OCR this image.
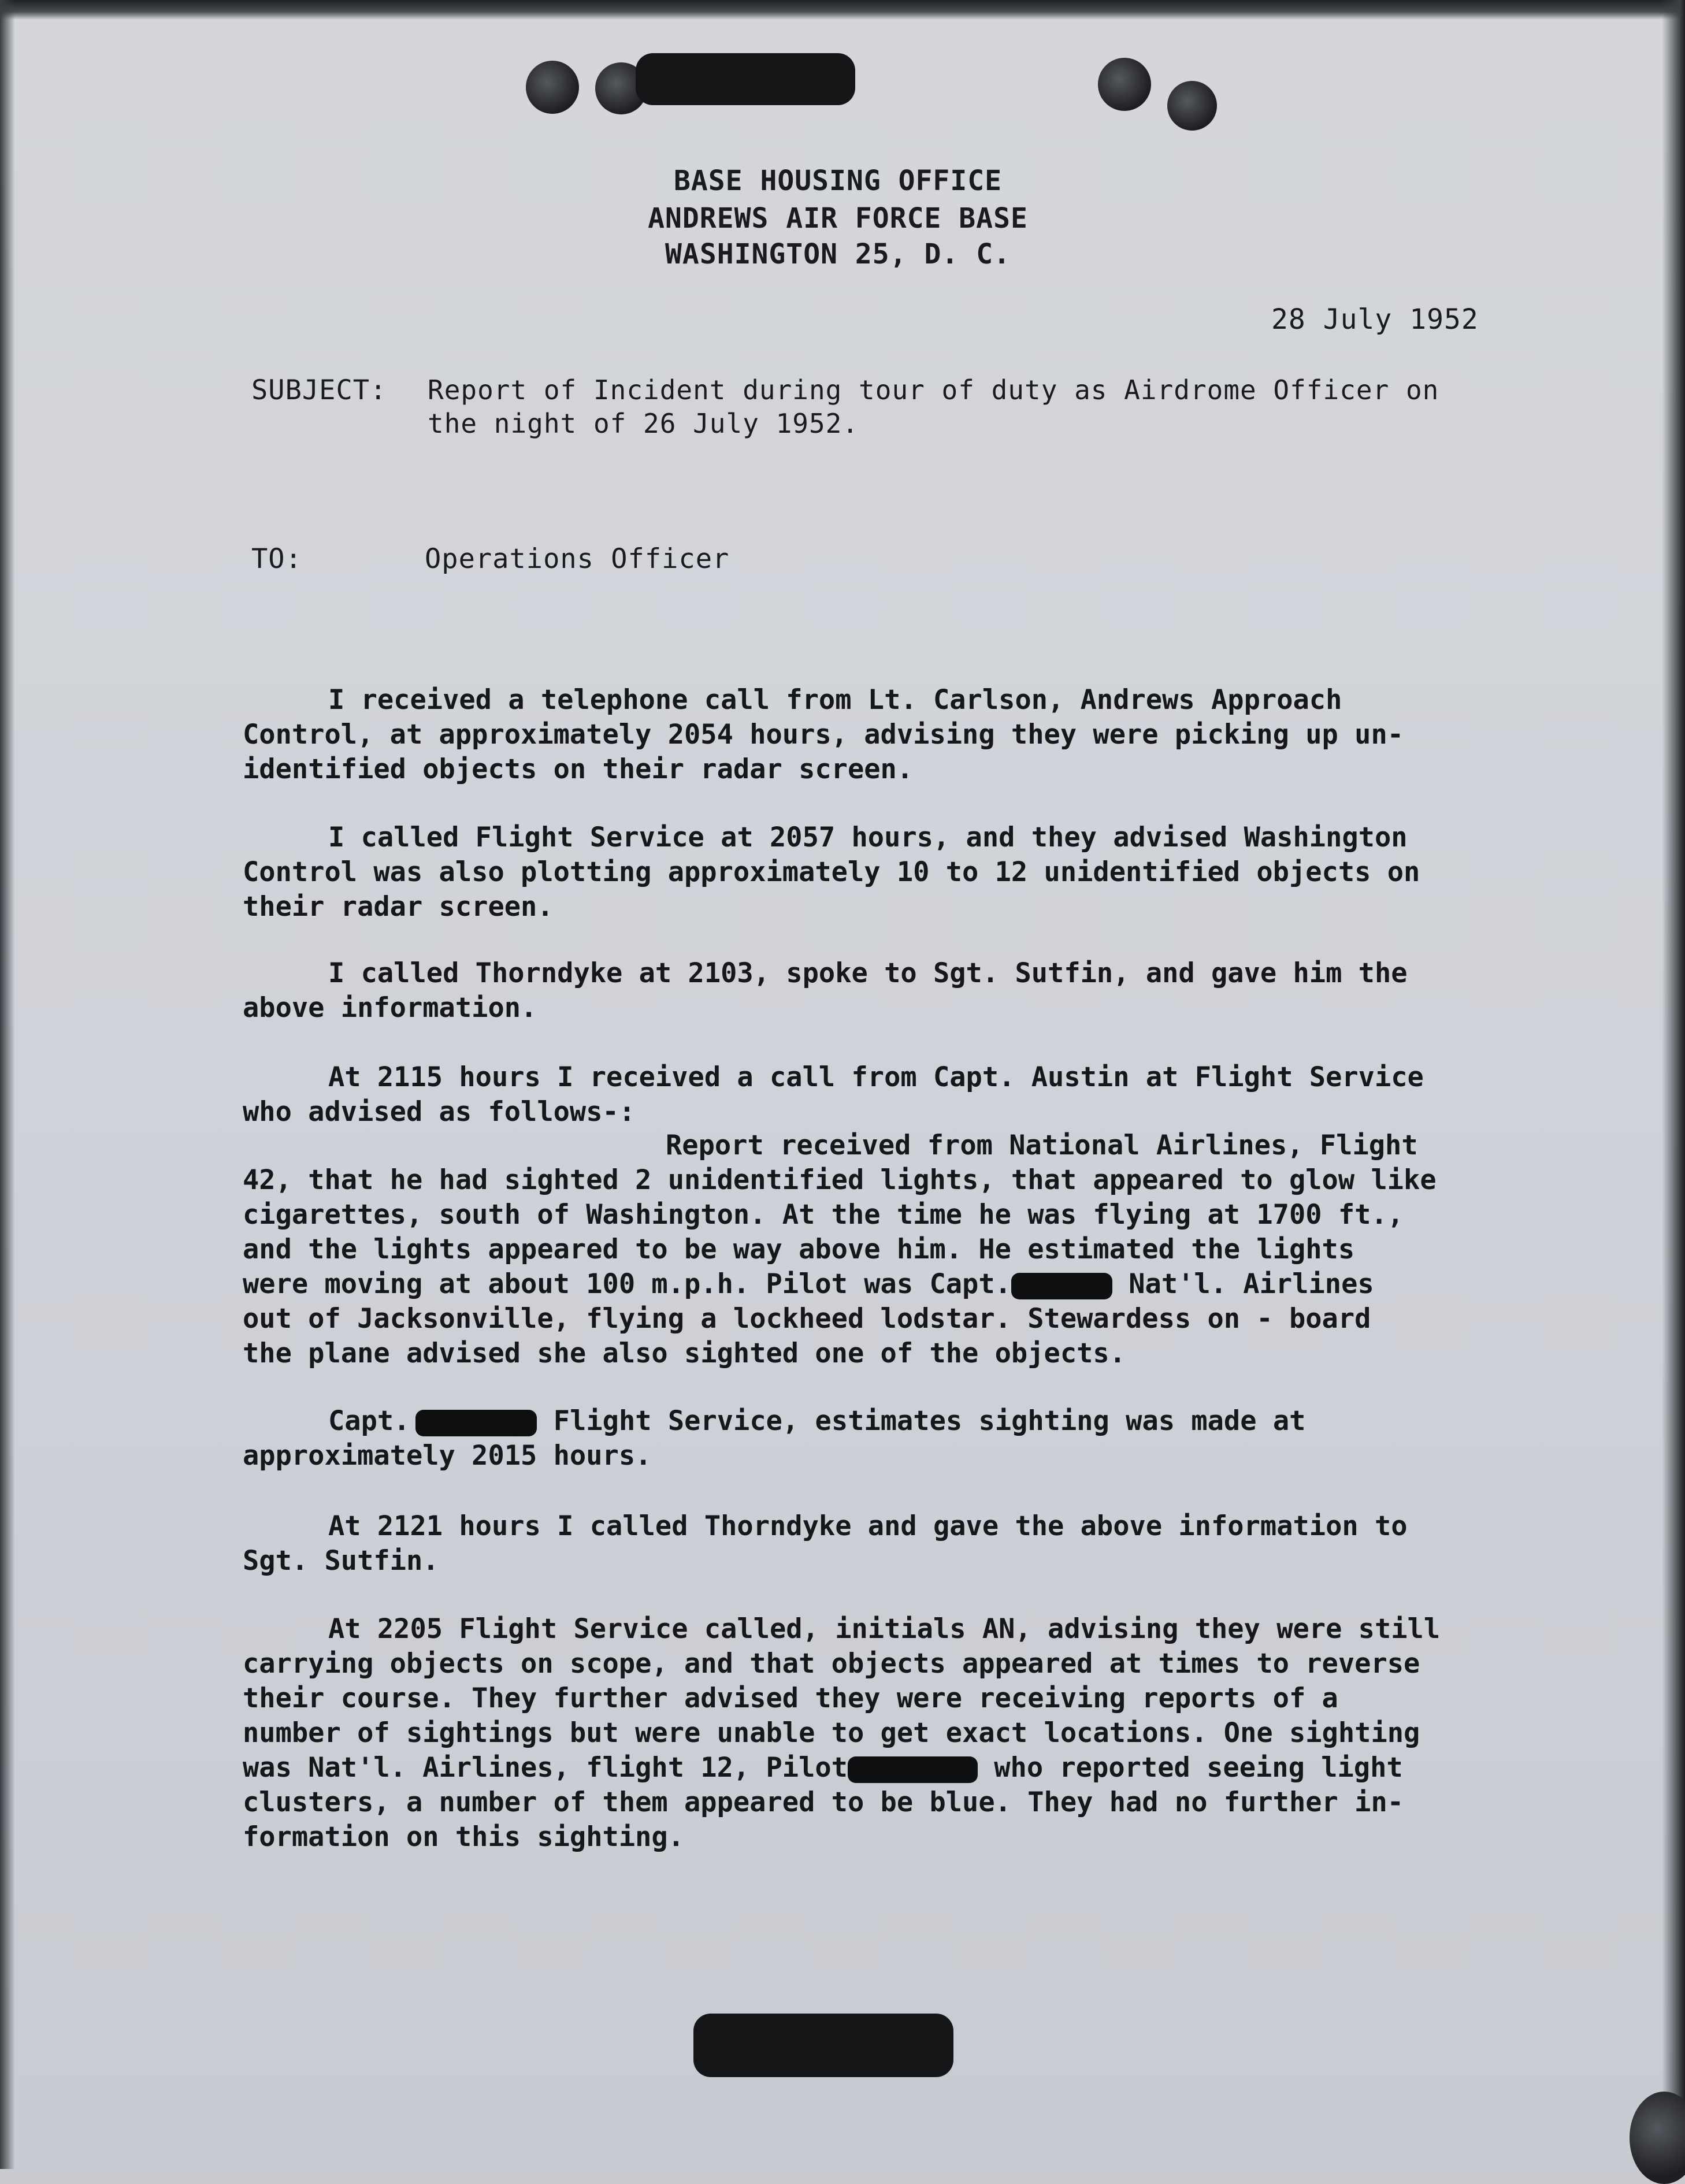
BASE HOUSING OFFICE
ANDREWS AIR FORCE BASE
WASHINGTON 25, D. C.
28 July 1952
SUBJECT: Report of Incident during tour of duty as Airdrome Officer on
the night of 26 July 1952.
TO:	Operations Officer
I received a telephone call from Lt. Carlson, Andrews Approach
Control, at approximately 2054 hours, advising they were picking up un-
identified objects on their radar screen.
I called Flight Service at 2057 hours, and they advised Washington
Control was also plotting approximately 10 to 12 unidentified objects on
their radar screen.
I called Thorndyke at 2103, spoke to Sgt. Sutfin, and gave him the
above information.
At 2115 hours I received a call from Capt. Austin at Flight Service
who advised as follows-:
Report received from National Airlines, Flight
42, that he had sighted 2 unidentified lights, that appeared to glow like
cigarettes, south of Washington. At the time he was flying at 1700 ft.,
and the lights appeared to be way above him. He estimated the lights
were moving at about 100 m.p.h. Pilot was Capt.	Nat'l. Airlines
out of Jacksonville, flying a lockheed lodstar. Stewardess on - board
the plane advised she also sighted one of the objects.
Capt.	Flight Service, estimates sighting was made at
approximately 2015 hours.
At 2121 hours I called Thorndyke and gave the above information to
Sgt. Sutfin.
At 2205 Flight Service called, initials AN, advising they were still
carrying objects on scope, and that objects appeared at times to reverse
their course. They further advised they were receiving reports of a
number of sightings but were unable to get exact locations. One sighting
was Nat'l. Airlines, flight 12, Pilot	who reported seeing light
clusters, a number of them appeared to be blue. They had no further in-
formation on this sighting.
